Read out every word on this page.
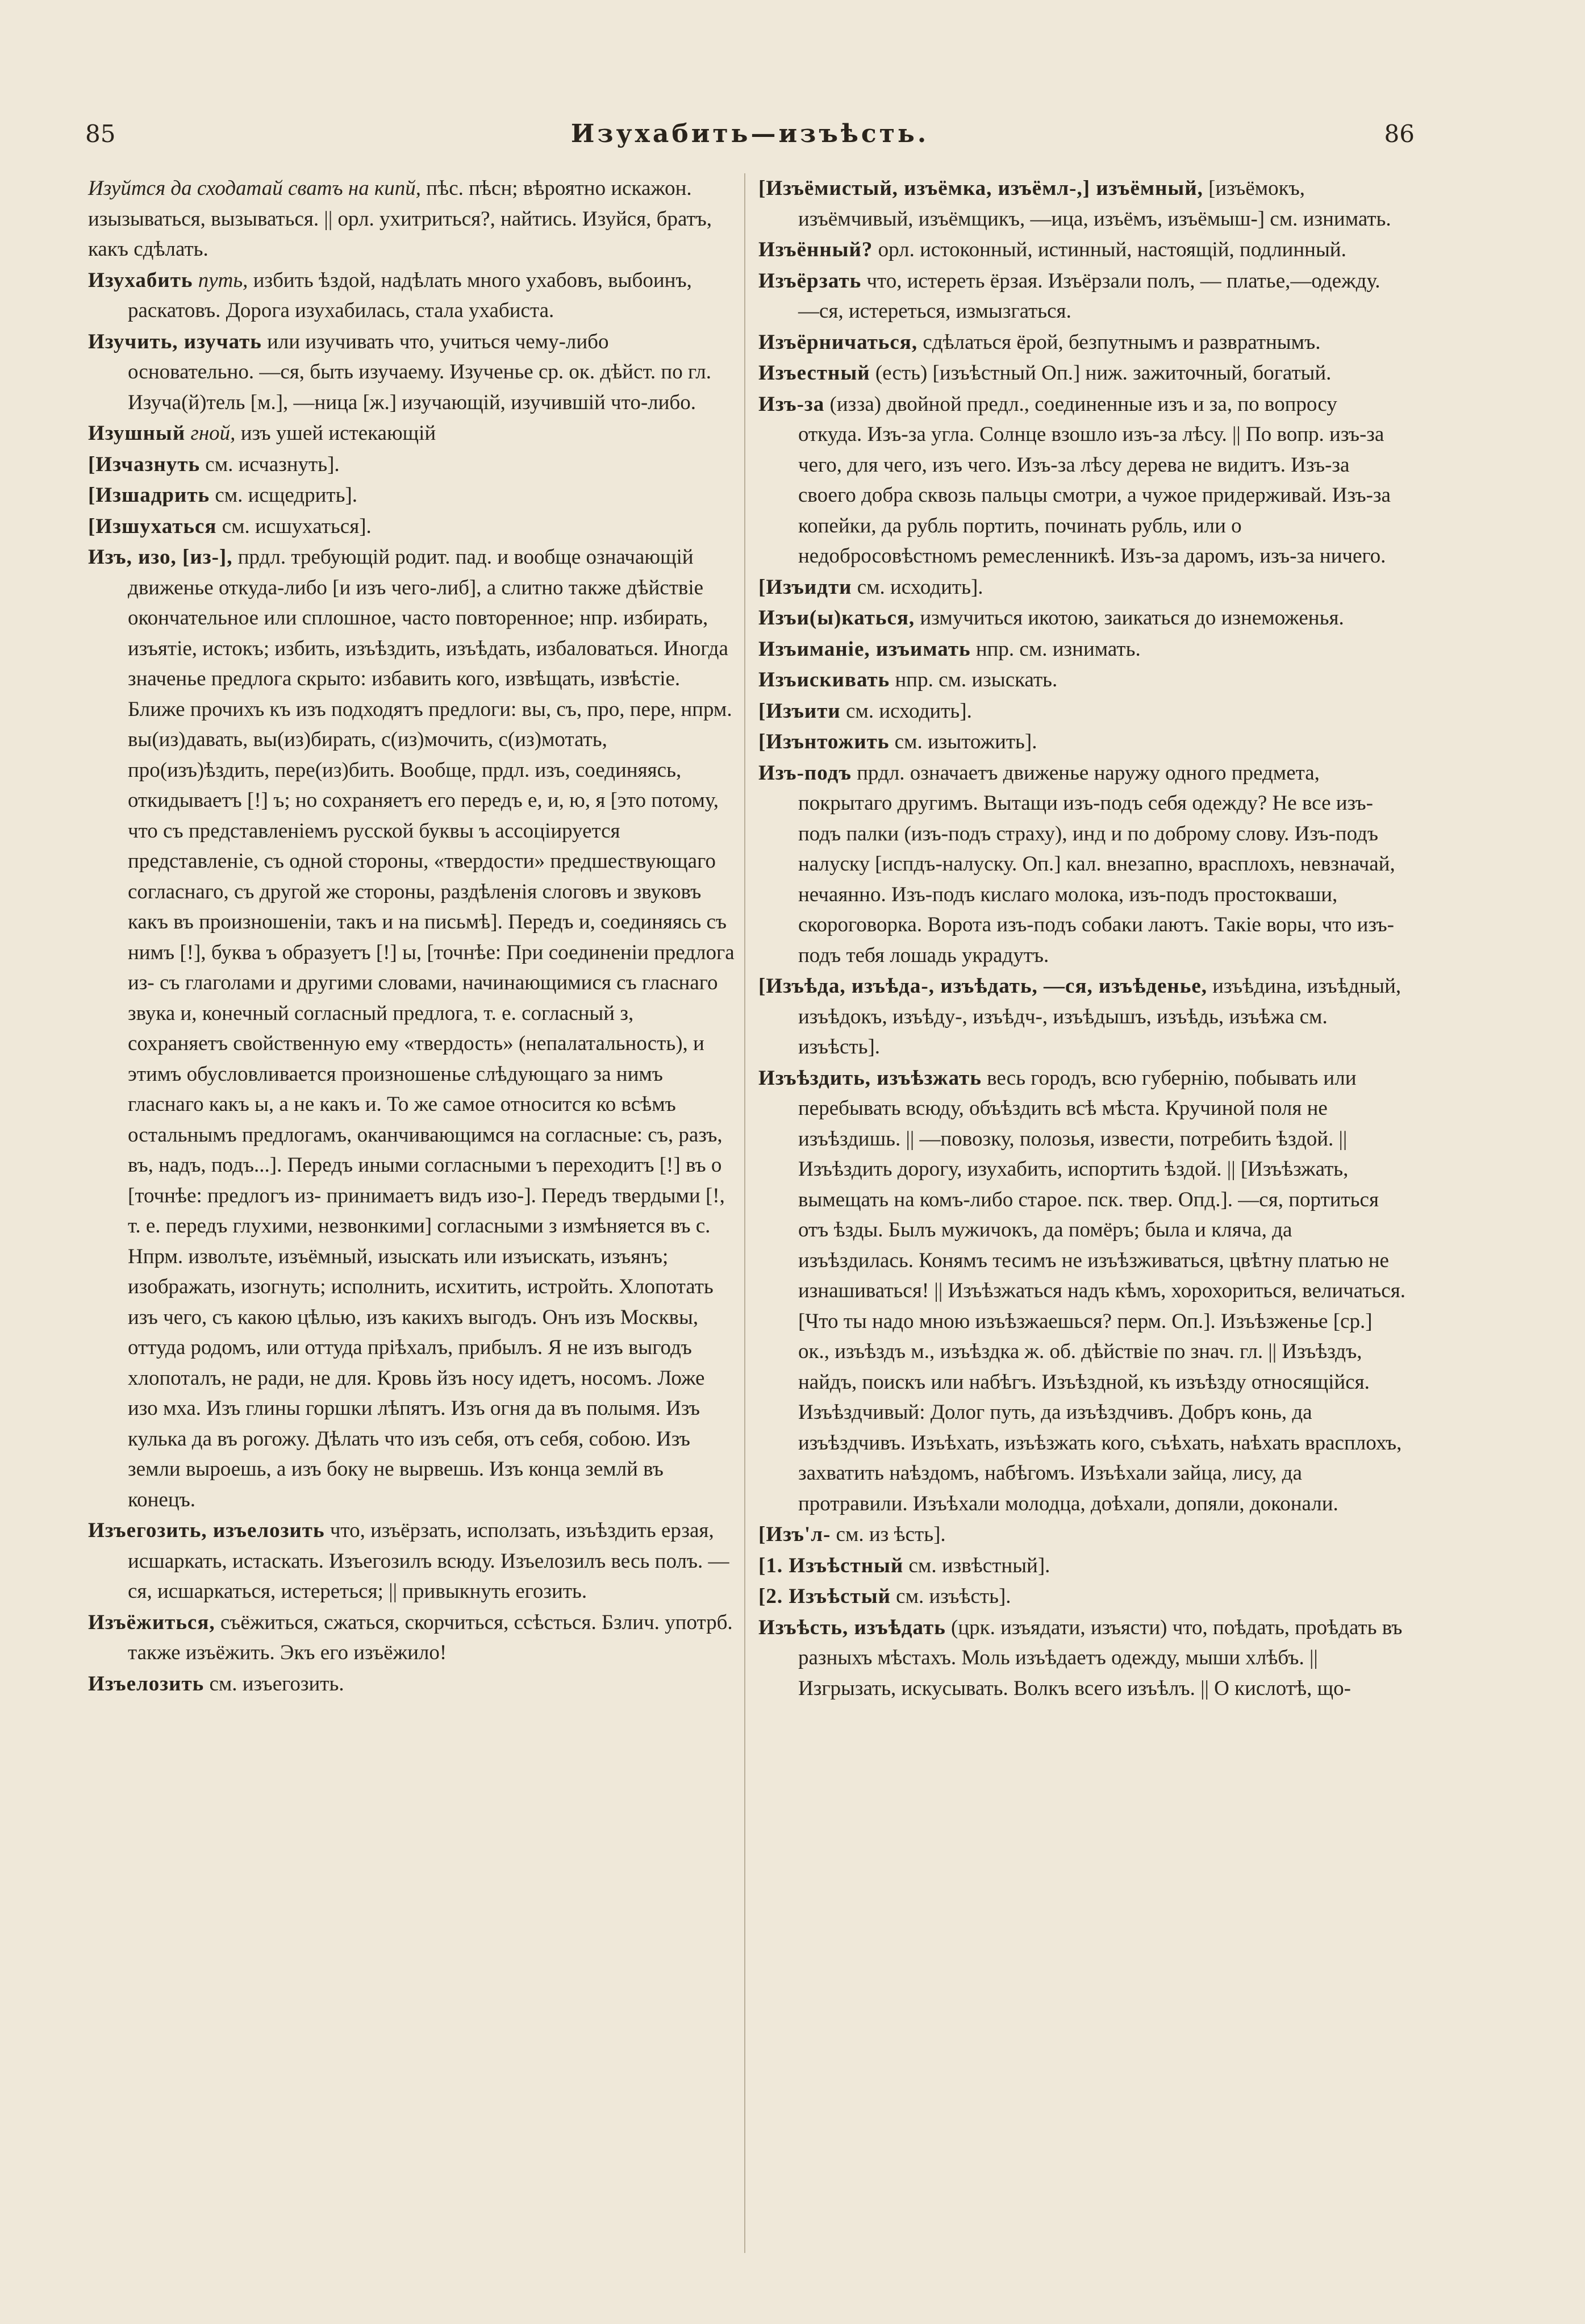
85	Изухабить—изъѣсть.	86

Изуйтся да сходатай сватъ на кипй, пѣс. пѣсн; вѣроятно искажон. изызываться, вызываться. || орл. ухитриться?, найтись. Изуйся, братъ, какъ сдѣлать.

Изухабить путь, избить ѣздой, надѣлать много ухабовъ, выбоинъ, раскатовъ. Дорога изухабилась, стала ухабиста.

Изучить, изучать или изучивать что, учиться чему-либо основательно. —ся, быть изучаему. Изученье ср. ок. дѣйст. по гл. Изуча(й)тель [м.], —ница [ж.] изучающій, изучившій что-либо.

Изушный гной, изъ ушей истекающій

[Изчазнуть см. исчазнуть].

[Изшадрить см. исщедрить].

[Изшухаться см. исшухаться].

Изъ, изо, [из-], прдл. требующій родит. пад. и вообще означающій движенье откуда-либо [и изъ чего-либ], а слитно также дѣйствіе окончательное или сплошное, часто повторенное; нпр. избирать, изъятіе, истокъ; избить, изъѣздить, изъѣдать, избаловаться. Иногда значенье предлога скрыто: избавить кого, извѣщать, извѣстіе. Ближе прочихъ къ изъ подходятъ предлоги: вы, съ, про, пере, нпрм. вы(из)давать, вы(из)бирать, с(из)мочить, с(из)мотать, про(изъ)ѣздить, пере(из)бить. Вообще, прдл. изъ, соединяясь, откидываетъ [!] ъ; но сохраняетъ его передъ е, и, ю, я [это потому, что съ представленіемъ русской буквы ъ ассоціируется представленіе, съ одной стороны, «твердости» предшествующаго согласнаго, съ другой же стороны, раздѣленія слоговъ и звуковъ какъ въ произношеніи, такъ и на письмѣ]. Передъ и, соединяясь съ нимъ [!], буква ъ образуетъ [!] ы, [точнѣе: При соединеніи предлога из- съ глаголами и другими словами, начинающимися съ гласнаго звука и, конечный согласный предлога, т. е. согласный з, сохраняетъ свойственную ему «твердость» (непалатальность), и этимъ обусловливается произношенье слѣдующаго за нимъ гласнаго какъ ы, а не какъ и. То же самое относится ко всѣмъ остальнымъ предлогамъ, оканчивающимся на согласные: съ, разъ, въ, надъ, подъ...]. Передъ иными согласными ъ переходитъ [!] въ о [точнѣе: предлогъ из- принимаетъ видъ изо-]. Передъ твердыми [!, т. е. передъ глухими, незвонкими] согласными з измѣняется въ с. Нпрм. изволъте, изъёмный, изыскать или изъискать, изъянъ; изображать, изогнуть; исполнить, исхитить, истройть. Хлопотать изъ чего, съ какою цѣлью, изъ какихъ выгодъ. Онъ изъ Москвы, оттуда родомъ, или оттуда пріѣхалъ, прибылъ. Я не изъ выгодъ хлопоталъ, не ради, не для. Кровь йзъ носу идетъ, носомъ. Ложе изо мха. Изъ глины горшки лѣпятъ. Изъ огня да въ полымя. Изъ кулька да въ рогожу. Дѣлать что изъ себя, отъ себя, собою. Изъ земли выроешь, а изъ боку не вырвешь. Изъ конца землй въ конецъ.

Изъегозить, изъелозить что, изъёрзать, исползать, изъѣздить ерзая, исшаркать, истаскать. Изъегозилъ всюду. Изъелозилъ весь полъ. —ся, исшаркаться, истереться; || привыкнуть егозить.

Изъёжиться, съёжиться, сжаться, скорчиться, ссѣсться. Бзлич. употрб. также изъёжить. Экъ его изъёжило!

Изъелозить см. изъегозить.

[Изъёмистый, изъёмка, изъёмл-,] изъёмный, [изъёмокъ, изъёмчивый, изъёмщикъ, —ица, изъёмъ, изъёмыш-] см. изнимать.

Изъённый? орл. истоконный, истинный, настоящій, подлинный.

Изъёрзать что, истереть ёрзая. Изъёрзали полъ, — платье,—одежду. —ся, истереться, измызгаться.

Изъёрничаться, сдѣлаться ёрой, безпутнымъ и развратнымъ.

Изъестный (есть) [изъѣстный Оп.] ниж. зажиточный, богатый.

Изъ-за (изза) двойной предл., соединенные изъ и за, по вопросу откуда. Изъ-за угла. Солнце взошло изъ-за лѣсу. || По вопр. изъ-за чего, для чего, изъ чего. Изъ-за лѣсу дерева не видитъ. Изъ-за своего добра сквозь пальцы смотри, а чужое придерживай. Изъ-за копейки, да рубль портить, починать рубль, или о недобросовѣстномъ ремесленникѣ. Изъ-за даромъ, изъ-за ничего.

[Изъидти см. исходить].

Изъи(ы)каться, измучиться икотою, заикаться до изнеможенья.

Изъиманіе, изъимать нпр. см. изнимать.

Изъискивать нпр. см. изыскать.

[Изъити см. исходить].

[Изънтожить см. изытожить].

Изъ-подъ прдл. означаетъ движенье наружу одного предмета, покрытаго другимъ. Вытащи изъ-подъ себя одежду? Не все изъ-подъ палки (изъ-подъ страху), инд и по доброму слову. Изъ-подъ налуску [испдъ-налуску. Оп.] кал. внезапно, врасплохъ, невзначай, нечаянно. Изъ-подъ кислаго молока, изъ-подъ простокваши, скороговорка. Ворота изъ-подъ собаки лаютъ. Такіе воры, что изъ-подъ тебя лошадь украдутъ.

[Изъѣда, изъѣда-, изъѣдать, —ся, изъѣденье, изъѣдина, изъѣдный, изъѣдокъ, изъѣду-, изъѣдч-, изъѣдышъ, изъѣдь, изъѣжа см. изъѣсть].

Изъѣздить, изъѣзжать весь городъ, всю губернію, побывать или перебывать всюду, объѣздить всѣ мѣста. Кручиной поля не изъѣздишь. || —повозку, полозья, извести, потребить ѣздой. || Изъѣздить дорогу, изухабить, испортить ѣздой. || [Изъѣзжать, вымещать на комъ-либо старое. пск. твер. Опд.]. —ся, портиться отъ ѣзды. Былъ мужичокъ, да помёръ; была и кляча, да изъѣздилась. Конямъ тесимъ не изъѣзживаться, цвѣтну платью не изнашиваться! || Изъѣзжаться надъ кѣмъ, хорохориться, величаться. [Что ты надо мною изъѣзжаешься? перм. Оп.]. Изъѣзженье [ср.] ок., изъѣздъ м., изъѣздка ж. об. дѣйствіе по знач. гл. || Изъѣздъ, найдъ, поискъ или набѣгъ. Изъѣздной, къ изъѣзду относящійся. Изъѣздчивый: Долог путь, да изъѣздчивъ. Добръ конь, да изъѣздчивъ. Изъѣхать, изъѣзжать кого, съѣхать, наѣхать врасплохъ, захватить наѣздомъ, набѣгомъ. Изъѣхали зайца, лису, да протравили. Изъѣхали молодца, доѣхали, допяли, доконали.

[Изъ'л- см. из ѣсть].

[1. Изъѣстный см. извѣстный].

[2. Изъѣстый см. изъѣсть].

Изъѣсть, изъѣдать (црк. изъядати, изъясти) что, поѣдать, проѣдать въ разныхъ мѣстахъ. Моль изъѣдаетъ одежду, мыши хлѣбъ. || Изгрызать, искусывать. Волкъ всего изъѣлъ. || О кислотѣ, що-
